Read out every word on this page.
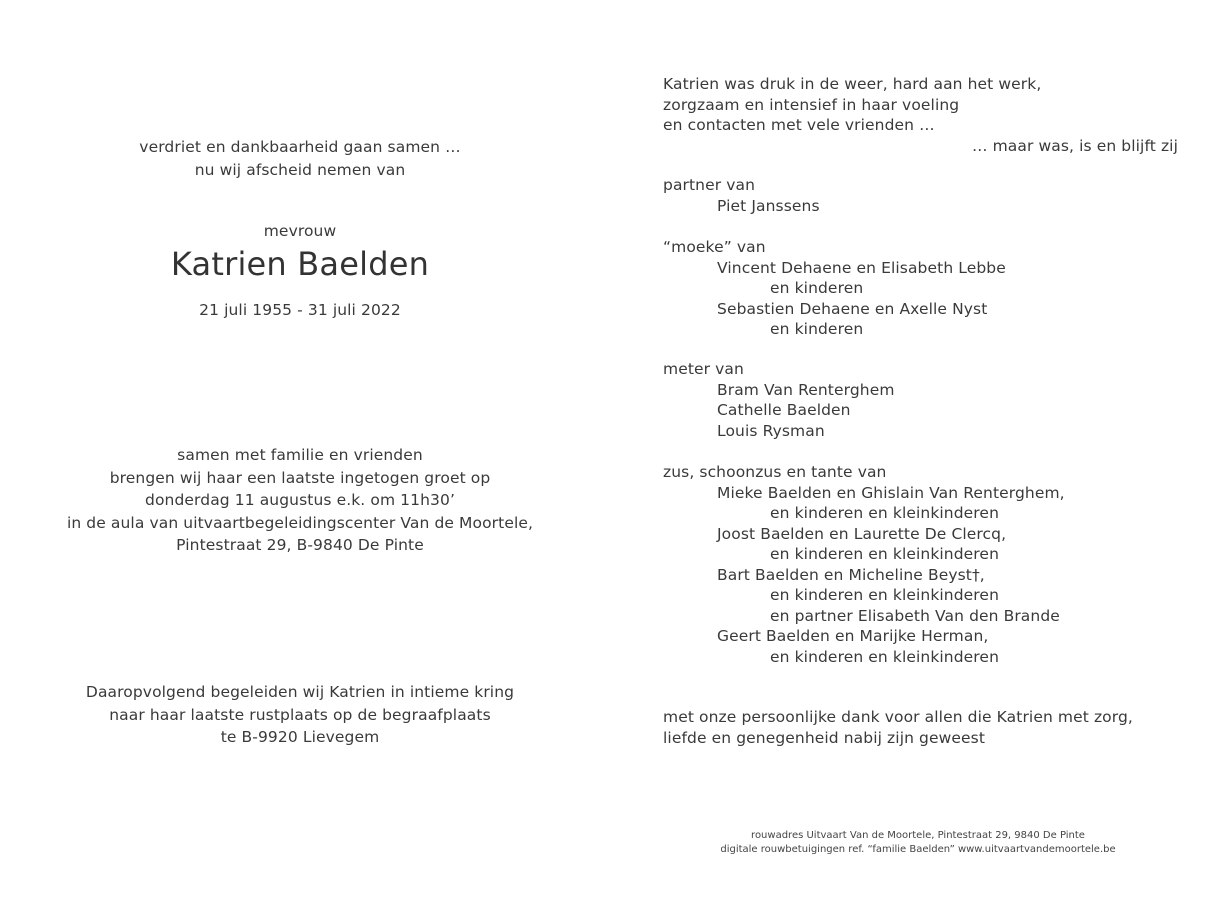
verdriet en dankbaarheid gaan samen …
nu wij afscheid nemen van
mevrouw
Katrien Baelden
21 juli 1955 - 31 juli 2022
samen met familie en vrienden
brengen wij haar een laatste ingetogen groet op
donderdag 11 augustus e.k. om 11h30’
in de aula van uitvaartbegeleidingscenter Van de Moortele,
Pintestraat 29, B-9840 De Pinte
Daaropvolgend begeleiden wij Katrien in intieme kring
naar haar laatste rustplaats op de begraafplaats
te B-9920 Lievegem
Katrien was druk in de weer, hard aan het werk,
zorgzaam en intensief in haar voeling
en contacten met vele vrienden …
… maar was, is en blijft zij
partner van
Piet Janssens
“moeke” van
Vincent Dehaene en Elisabeth Lebbe
en kinderen
Sebastien Dehaene en Axelle Nyst
en kinderen
meter van
Bram Van Renterghem
Cathelle Baelden
Louis Rysman
zus, schoonzus en tante van
Mieke Baelden en Ghislain Van Renterghem,
en kinderen en kleinkinderen
Joost Baelden en Laurette De Clercq,
en kinderen en kleinkinderen
Bart Baelden en Micheline Beyst†,
en kinderen en kleinkinderen
en partner Elisabeth Van den Brande
Geert Baelden en Marijke Herman,
en kinderen en kleinkinderen
met onze persoonlijke dank voor allen die Katrien met zorg,
liefde en genegenheid nabij zijn geweest
rouwadres Uitvaart Van de Moortele, Pintestraat 29, 9840 De Pinte
digitale rouwbetuigingen ref. “familie Baelden” www.uitvaartvandemoortele.be
